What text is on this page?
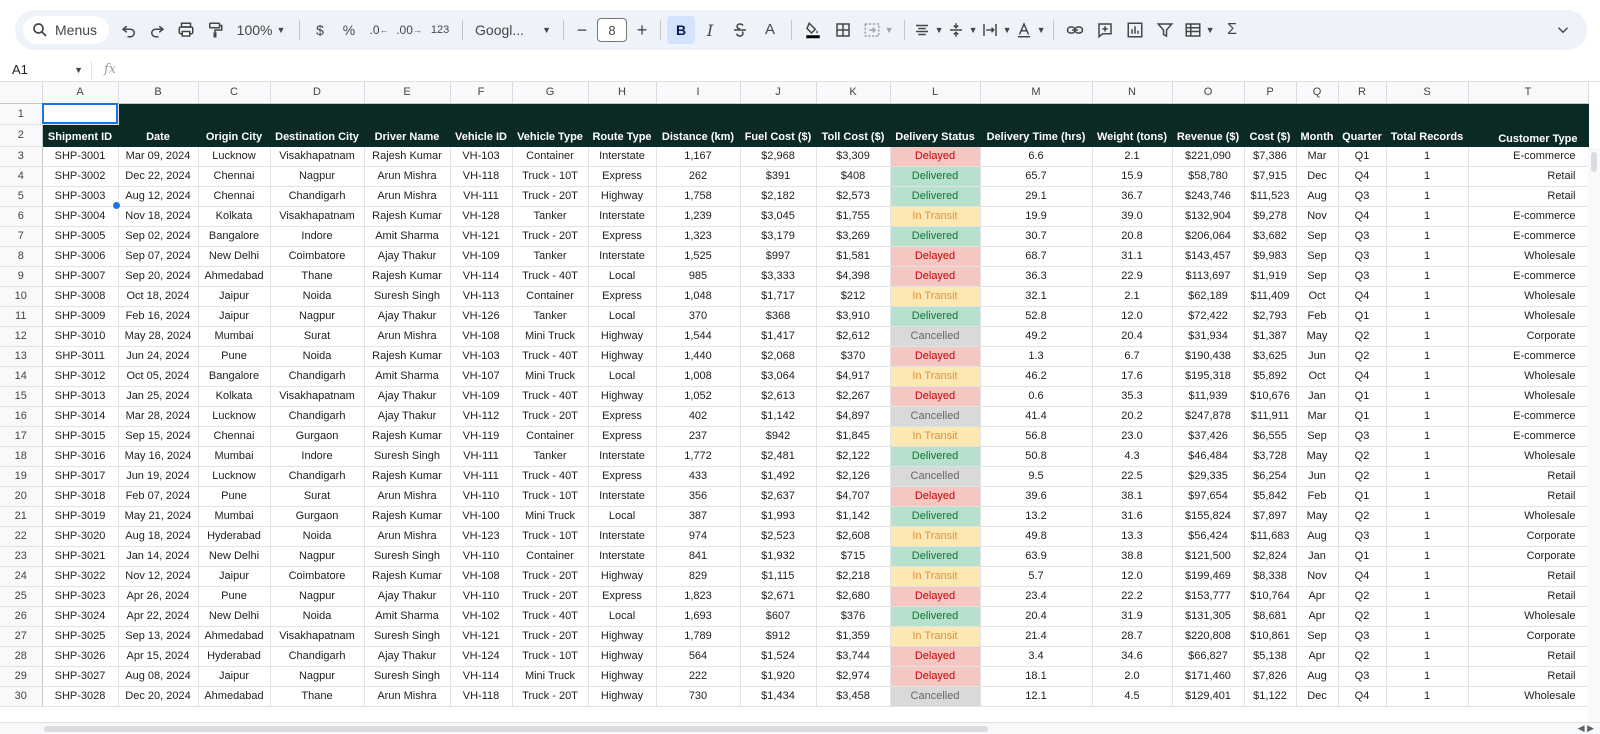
Menus	100% ▼ $ % .0 ← .00 → 123 Googl... ▼ −	8	+ B I	A	▼	▼	▼	▼	▼	▼ Σ
A1	▼ fx
	A	B	C	D	E	F	G	H	I	J	K	L	M	N	O	P	Q	R	S	T
1																				
2	Shipment ID	Date	Origin City	Destination City	Driver Name	Vehicle ID	Vehicle Type	Route Type	Distance (km)	Fuel Cost ($)	Toll Cost ($)	Delivery Status	Delivery Time (hrs)	Weight (tons)	Revenue ($)	Cost ($)	Month	Quarter	Total Records	Customer Type
3	SHP-3001	Mar 09, 2024	Lucknow	Visakhapatnam	Rajesh Kumar	VH-103	Container	Interstate	1,167	$2,968	$3,309	Delayed	6.6	2.1	$221,090	$7,386	Mar	Q1	1	E-commerce
4	SHP-3002	Dec 22, 2024	Chennai	Nagpur	Arun Mishra	VH-118	Truck - 10T	Express	262	$391	$408	Delivered	65.7	15.9	$58,780	$7,915	Dec	Q4	1	Retail
5	SHP-3003	Aug 12, 2024	Chennai	Chandigarh	Arun Mishra	VH-111	Truck - 20T	Highway	1,758	$2,182	$2,573	Delivered	29.1	36.7	$243,746	$11,523	Aug	Q3	1	Retail
6	SHP-3004	Nov 18, 2024	Kolkata	Visakhapatnam	Rajesh Kumar	VH-128	Tanker	Interstate	1,239	$3,045	$1,755	In Transit	19.9	39.0	$132,904	$9,278	Nov	Q4	1	E-commerce
7	SHP-3005	Sep 02, 2024	Bangalore	Indore	Amit Sharma	VH-121	Truck - 20T	Express	1,323	$3,179	$3,269	Delivered	30.7	20.8	$206,064	$3,682	Sep	Q3	1	E-commerce
8	SHP-3006	Sep 07, 2024	New Delhi	Coimbatore	Ajay Thakur	VH-109	Tanker	Interstate	1,525	$997	$1,581	Delayed	68.7	31.1	$143,457	$9,983	Sep	Q3	1	Wholesale
9	SHP-3007	Sep 20, 2024	Ahmedabad	Thane	Rajesh Kumar	VH-114	Truck - 40T	Local	985	$3,333	$4,398	Delayed	36.3	22.9	$113,697	$1,919	Sep	Q3	1	E-commerce
10	SHP-3008	Oct 18, 2024	Jaipur	Noida	Suresh Singh	VH-113	Container	Express	1,048	$1,717	$212	In Transit	32.1	2.1	$62,189	$11,409	Oct	Q4	1	Wholesale
11	SHP-3009	Feb 16, 2024	Jaipur	Nagpur	Ajay Thakur	VH-126	Tanker	Local	370	$368	$3,910	Delivered	52.8	12.0	$72,422	$2,793	Feb	Q1	1	Wholesale
12	SHP-3010	May 28, 2024	Mumbai	Surat	Arun Mishra	VH-108	Mini Truck	Highway	1,544	$1,417	$2,612	Cancelled	49.2	20.4	$31,934	$1,387	May	Q2	1	Corporate
13	SHP-3011	Jun 24, 2024	Pune	Noida	Rajesh Kumar	VH-103	Truck - 40T	Highway	1,440	$2,068	$370	Delayed	1.3	6.7	$190,438	$3,625	Jun	Q2	1	E-commerce
14	SHP-3012	Oct 05, 2024	Bangalore	Chandigarh	Amit Sharma	VH-107	Mini Truck	Local	1,008	$3,064	$4,917	In Transit	46.2	17.6	$195,318	$5,892	Oct	Q4	1	Wholesale
15	SHP-3013	Jan 25, 2024	Kolkata	Visakhapatnam	Ajay Thakur	VH-109	Truck - 40T	Highway	1,052	$2,613	$2,267	Delayed	0.6	35.3	$11,939	$10,676	Jan	Q1	1	Wholesale
16	SHP-3014	Mar 28, 2024	Lucknow	Chandigarh	Ajay Thakur	VH-112	Truck - 20T	Express	402	$1,142	$4,897	Cancelled	41.4	20.2	$247,878	$11,911	Mar	Q1	1	E-commerce
17	SHP-3015	Sep 15, 2024	Chennai	Gurgaon	Rajesh Kumar	VH-119	Container	Express	237	$942	$1,845	In Transit	56.8	23.0	$37,426	$6,555	Sep	Q3	1	E-commerce
18	SHP-3016	May 16, 2024	Mumbai	Indore	Suresh Singh	VH-111	Tanker	Interstate	1,772	$2,481	$2,122	Delivered	50.8	4.3	$46,484	$3,728	May	Q2	1	Wholesale
19	SHP-3017	Jun 19, 2024	Lucknow	Chandigarh	Rajesh Kumar	VH-111	Truck - 40T	Express	433	$1,492	$2,126	Cancelled	9.5	22.5	$29,335	$6,254	Jun	Q2	1	Retail
20	SHP-3018	Feb 07, 2024	Pune	Surat	Arun Mishra	VH-110	Truck - 10T	Interstate	356	$2,637	$4,707	Delayed	39.6	38.1	$97,654	$5,842	Feb	Q1	1	Retail
21	SHP-3019	May 21, 2024	Mumbai	Gurgaon	Rajesh Kumar	VH-100	Mini Truck	Local	387	$1,993	$1,142	Delivered	13.2	31.6	$155,824	$7,897	May	Q2	1	Wholesale
22	SHP-3020	Aug 18, 2024	Hyderabad	Noida	Arun Mishra	VH-123	Truck - 10T	Interstate	974	$2,523	$2,608	In Transit	49.8	13.3	$56,424	$11,683	Aug	Q3	1	Corporate
23	SHP-3021	Jan 14, 2024	New Delhi	Nagpur	Suresh Singh	VH-110	Container	Interstate	841	$1,932	$715	Delivered	63.9	38.8	$121,500	$2,824	Jan	Q1	1	Corporate
24	SHP-3022	Nov 12, 2024	Jaipur	Coimbatore	Rajesh Kumar	VH-108	Truck - 20T	Highway	829	$1,115	$2,218	In Transit	5.7	12.0	$199,469	$8,338	Nov	Q4	1	Retail
25	SHP-3023	Apr 26, 2024	Pune	Nagpur	Ajay Thakur	VH-110	Truck - 20T	Express	1,823	$2,671	$2,680	Delayed	23.4	22.2	$153,777	$10,764	Apr	Q2	1	Retail
26	SHP-3024	Apr 22, 2024	New Delhi	Noida	Amit Sharma	VH-102	Truck - 40T	Local	1,693	$607	$376	Delivered	20.4	31.9	$131,305	$8,681	Apr	Q2	1	Wholesale
27	SHP-3025	Sep 13, 2024	Ahmedabad	Visakhapatnam	Suresh Singh	VH-121	Truck - 20T	Highway	1,789	$912	$1,359	In Transit	21.4	28.7	$220,808	$10,861	Sep	Q3	1	Corporate
28	SHP-3026	Apr 15, 2024	Hyderabad	Chandigarh	Ajay Thakur	VH-124	Truck - 10T	Highway	564	$1,524	$3,744	Delayed	3.4	34.6	$66,827	$5,138	Apr	Q2	1	Retail
29	SHP-3027	Aug 08, 2024	Jaipur	Nagpur	Suresh Singh	VH-114	Mini Truck	Highway	222	$1,920	$2,974	Delayed	18.1	2.0	$171,460	$7,826	Aug	Q3	1	Retail
30	SHP-3028	Dec 20, 2024	Ahmedabad	Thane	Arun Mishra	VH-118	Truck - 20T	Highway	730	$1,434	$3,458	Cancelled	12.1	4.5	$129,401	$1,122	Dec	Q4	1	Wholesale
◀ ▶
